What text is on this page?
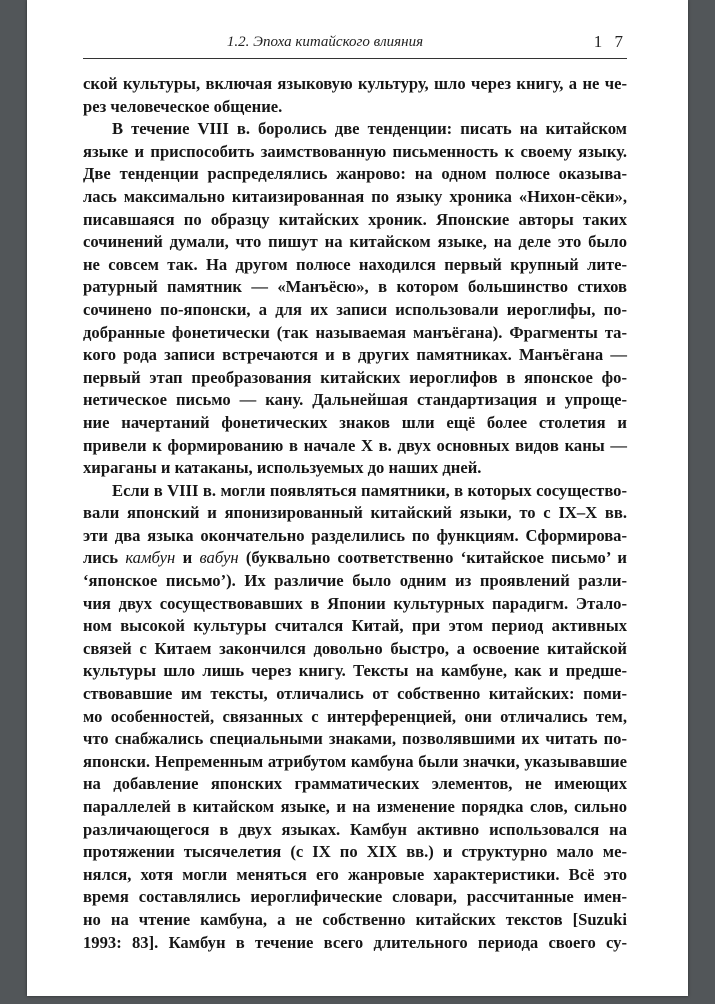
1.2. Эпоха китайского влияния	1 7
ской культуры, включая языковую культуру, шло через книгу, а не че-
рез человеческое общение.
В течение VIII в. боролись две тенденции: писать на китайском
языке и приспособить заимствованную письменность к своему языку.
Две тенденции распределялись жанрово: на одном полюсе оказыва-
лась максимально китаизированная по языку хроника «Нихон-сёки»,
писавшаяся по образцу китайских хроник. Японские авторы таких
сочинений думали, что пишут на китайском языке, на деле это было
не совсем так. На другом полюсе находился первый крупный лите-
ратурный памятник — «Манъёсю», в котором большинство стихов
сочинено по-японски, а для их записи использовали иероглифы, по-
добранные фонетически (так называемая манъёгана). Фрагменты та-
кого рода записи встречаются и в других памятниках. Манъёгана —
первый этап преобразования китайских иероглифов в японское фо-
нетическое письмо — кану. Дальнейшая стандартизация и упроще-
ние начертаний фонетических знаков шли ещё более столетия и
привели к формированию в начале X в. двух основных видов каны —
хираганы и катаканы, используемых до наших дней.
Если в VIII в. могли появляться памятники, в которых сосущество-
вали японский и японизированный китайский языки, то с IX–X вв.
эти два языка окончательно разделились по функциям. Сформирова-
лись камбун и вабун (буквально соответственно ‘китайское письмо’ и
‘японское письмо’). Их различие было одним из проявлений разли-
чия двух сосуществовавших в Японии культурных парадигм. Этало-
ном высокой культуры считался Китай, при этом период активных
связей с Китаем закончился довольно быстро, а освоение китайской
культуры шло лишь через книгу. Тексты на камбуне, как и предше-
ствовавшие им тексты, отличались от собственно китайских: поми-
мо особенностей, связанных с интерференцией, они отличались тем,
что снабжались специальными знаками, позволявшими их читать по-
японски. Непременным атрибутом камбуна были значки, указывавшие
на добавление японских грамматических элементов, не имеющих
параллелей в китайском языке, и на изменение порядка слов, сильно
различающегося в двух языках. Камбун активно использовался на
протяжении тысячелетия (с IX по XIX вв.) и структурно мало ме-
нялся, хотя могли меняться его жанровые характеристики. Всё это
время составлялись иероглифические словари, рассчитанные имен-
но на чтение камбуна, а не собственно китайских текстов [Suzuki
1993: 83]. Камбун в течение всего длительного периода своего су-
